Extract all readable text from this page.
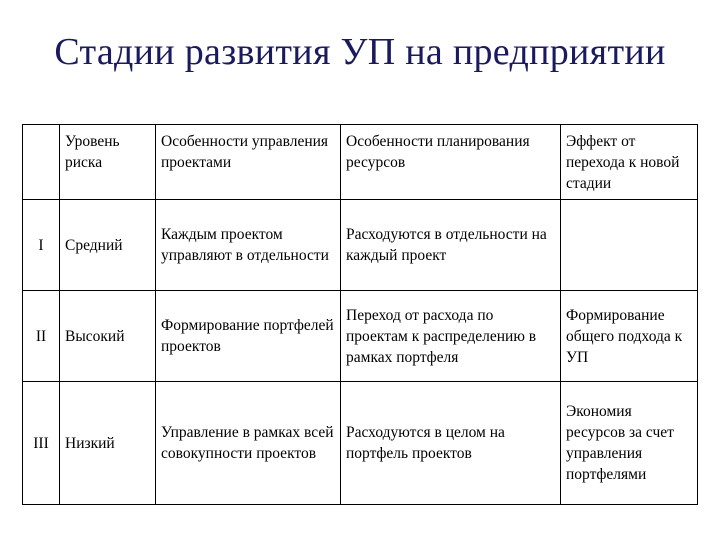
Стадии развития УП на предприятии
	Уровень риска	Особенности управления проектами	Особенности планирования ресурсов	Эффект от перехода к новой стадии
I	Средний	Каждым проектом управляют в отдельности	Расходуются в отдельности на каждый проект	
II	Высокий	Формирование портфелей проектов	Переход от расхода по проектам к распределению в рамках портфеля	Формирование общего подхода к УП
III	Низкий	Управление в рамках всей совокупности проектов	Расходуются в целом на портфель проектов	Экономия ресурсов за счет управления портфелями
